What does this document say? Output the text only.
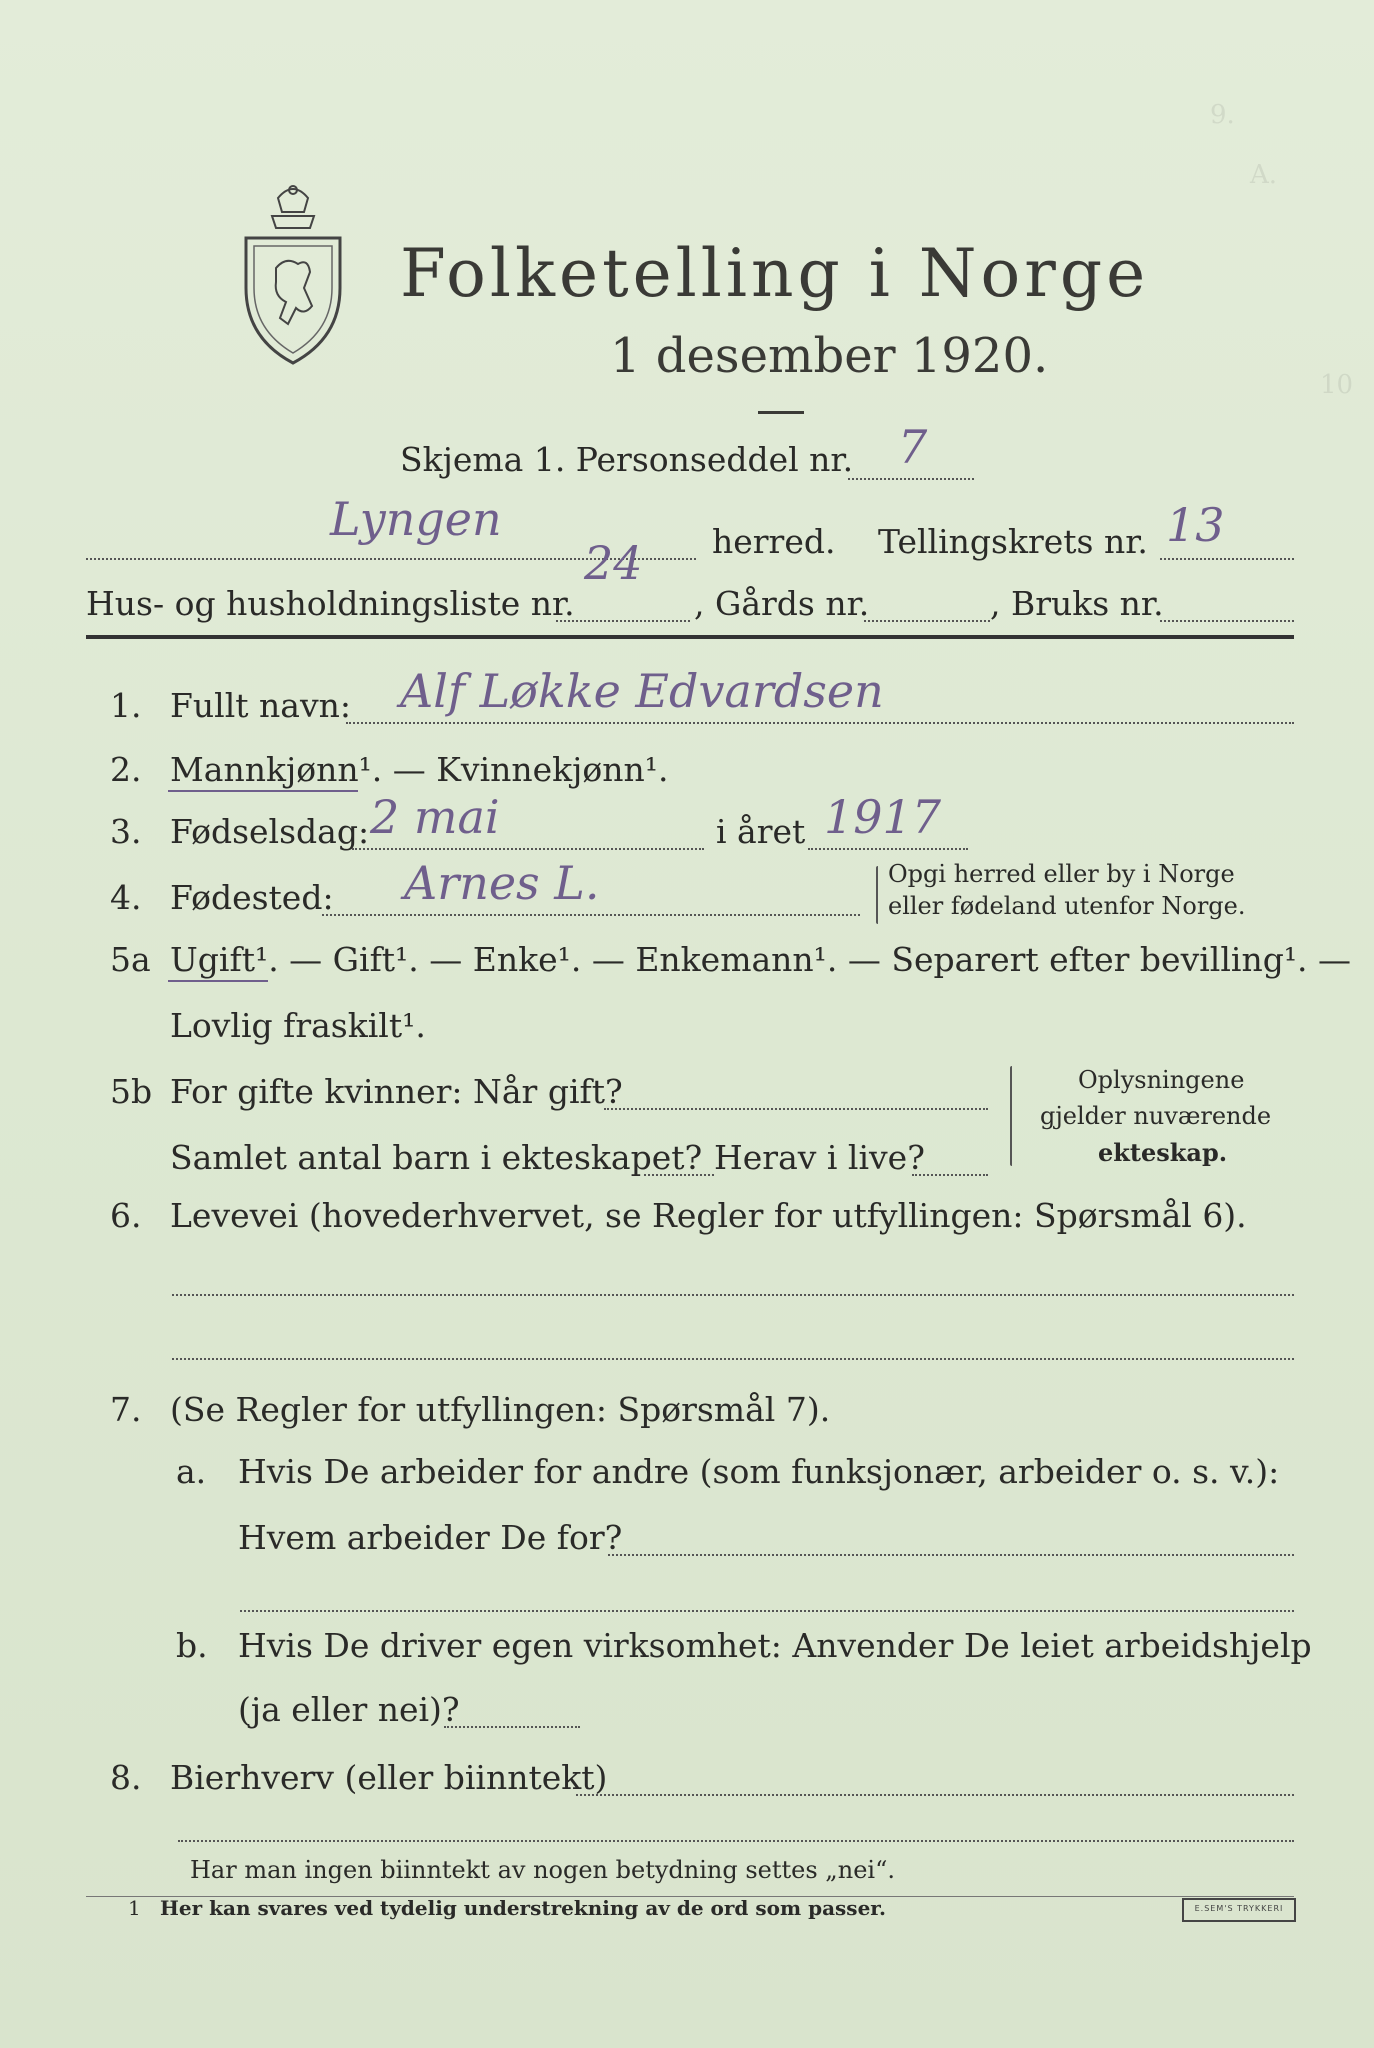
9.
A.
10
Folketelling i Norge
1 desember 1920.
Skjema 1. Personseddel nr. 7
Lyngen	herred. Tellingskrets nr. 13
Hus- og husholdningsliste nr.
24
, Gårds nr.	, Bruks nr.
1. Fullt navn: Alf Løkke Edvardsen
2. Mannkjønn¹. — Kvinnekjønn¹.
3. Fødselsdag: 2 mai	i året 1917
4. Fødested: Arnes L.	Opgi herred eller by i Norge
eller fødeland utenfor Norge.
5a Ugift¹. — Gift¹. — Enke¹. — Enkemann¹. — Separert efter bevilling¹. —
Lovlig fraskilt¹.
5b For gifte kvinner: Når gift?
Samlet antal barn i ekteskapet? Herav i live?
Oplysningene
gjelder nuværende
ekteskap.
6. Levevei (hovederhvervet, se Regler for utfyllingen: Spørsmål 6).
7. (Se Regler for utfyllingen: Spørsmål 7).
a. Hvis De arbeider for andre (som funksjonær, arbeider o. s. v.):
Hvem arbeider De for?
b. Hvis De driver egen virksomhet: Anvender De leiet arbeidshjelp
(ja eller nei)?
8. Bierhverv (eller biinntekt)
Har man ingen biinntekt av nogen betydning settes „nei“.
1 Her kan svares ved tydelig understrekning av de ord som passer.	E.SEM'S TRYKKERI
